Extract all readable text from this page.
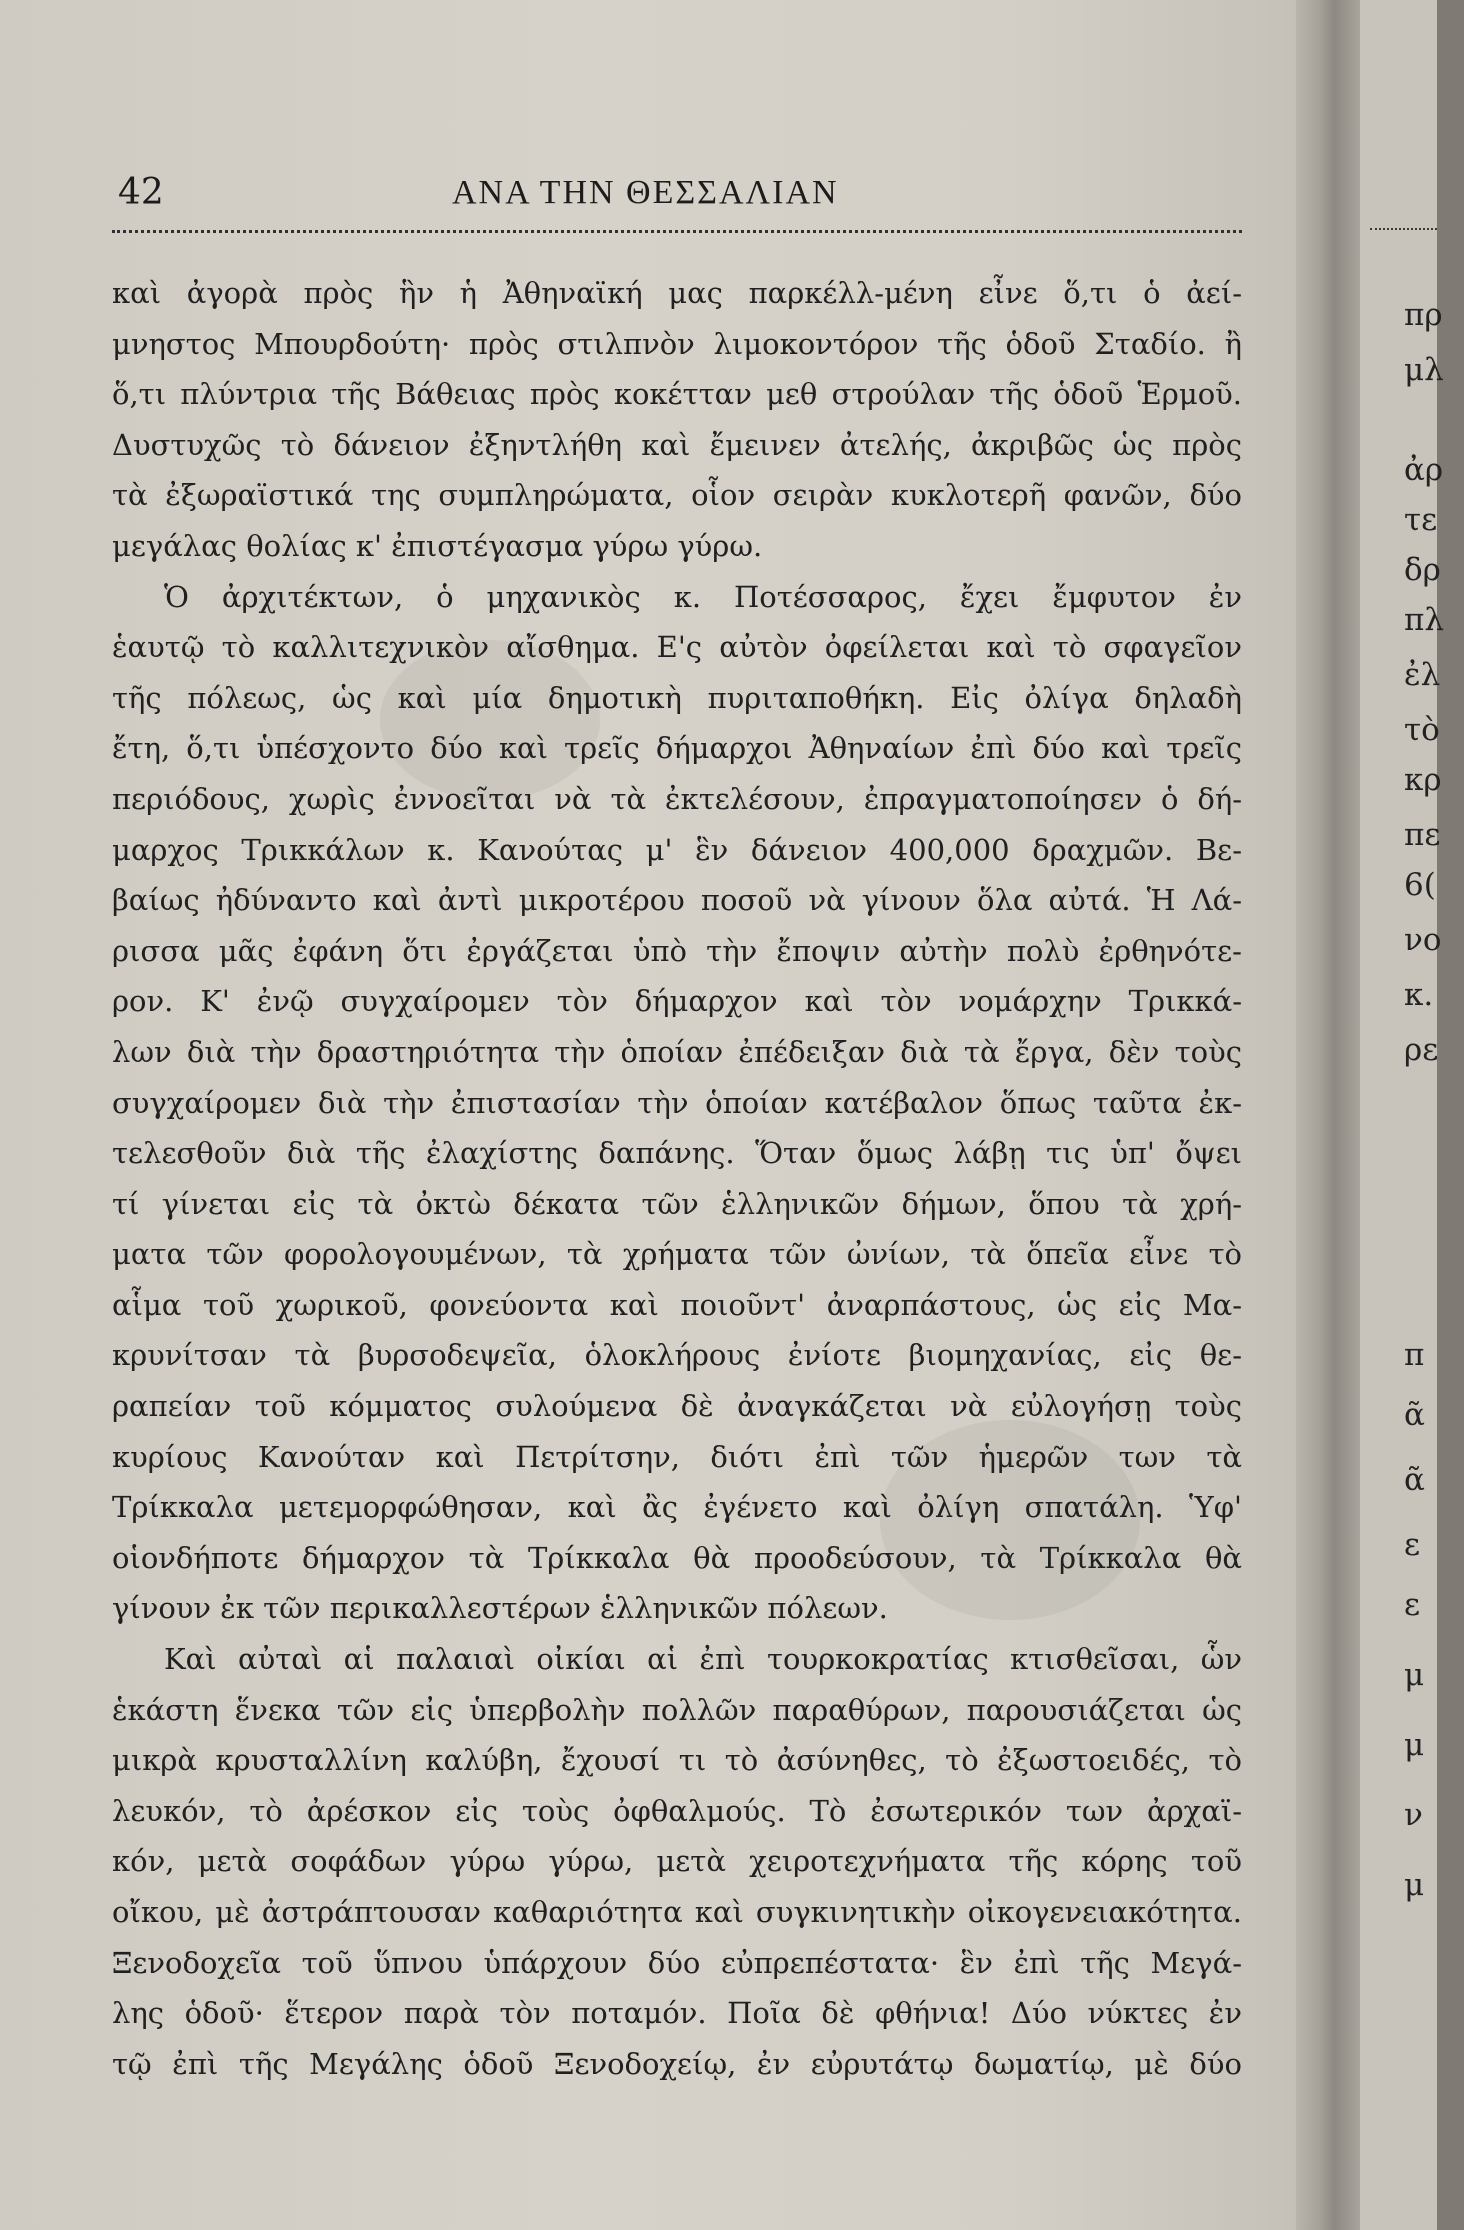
πρ
μλ
ἀρ
τε
δρ
πλ
ἐλ
τὸ
κρ
πε
6(
νο
κ.
ρε
π
ᾶ
ᾶ
ε
ε
μ
μ
ν
μ
42	ΑΝΑ ΤΗΝ ΘΕΣΣΑΛΙΑΝ
καὶ ἀγορὰ πρὸς ἣν ἡ Ἀθηναϊκή μας παρκέλλ-μένη εἶνε ὅ,τι ὁ ἀεί-
μνηστος Μπουρδούτη· πρὸς στιλπνὸν λιμοκοντόρον τῆς ὁδοῦ Σταδίο. ἢ
ὅ,τι πλύντρια τῆς Βάθειας πρὸς κοκέτταν μεθ στρούλαν τῆς ὁδοῦ Ἑρμοῦ.
Δυστυχῶς τὸ δάνειον ἐξηντλήθη καὶ ἔμεινεν ἀτελής, ἀκριβῶς ὡς πρὸς
τὰ ἐξωραϊστικά της συμπληρώματα, οἷον σειρὰν κυκλοτερῆ φανῶν, δύο
μεγάλας θολίας κ' ἐπιστέγασμα γύρω γύρω.
Ὁ ἀρχιτέκτων, ὁ μηχανικὸς κ. Ποτέσσαρος, ἔχει ἔμφυτον ἐν
ἑαυτῷ τὸ καλλιτεχνικὸν αἴσθημα. Ε'ς αὐτὸν ὀφείλεται καὶ τὸ σφαγεῖον
τῆς πόλεως, ὡς καὶ μία δημοτικὴ πυριταποθήκη. Εἰς ὀλίγα δηλαδὴ
ἔτη, ὅ,τι ὑπέσχοντο δύο καὶ τρεῖς δήμαρχοι Ἀθηναίων ἐπὶ δύο καὶ τρεῖς
περιόδους, χωρὶς ἐννοεῖται νὰ τὰ ἐκτελέσουν, ἐπραγματοποίησεν ὁ δή-
μαρχος Τρικκάλων κ. Κανούτας μ' ἓν δάνειον 400,000 δραχμῶν. Βε-
βαίως ἠδύναντο καὶ ἀντὶ μικροτέρου ποσοῦ νὰ γίνουν ὅλα αὐτά. Ἡ Λά-
ρισσα μᾶς ἐφάνη ὅτι ἐργάζεται ὑπὸ τὴν ἔποψιν αὐτὴν πολὺ ἐρθηνότε-
ρον. Κ' ἐνῷ συγχαίρομεν τὸν δήμαρχον καὶ τὸν νομάρχην Τρικκά-
λων διὰ τὴν δραστηριότητα τὴν ὁποίαν ἐπέδειξαν διὰ τὰ ἔργα, δὲν τοὺς
συγχαίρομεν διὰ τὴν ἐπιστασίαν τὴν ὁποίαν κατέβαλον ὅπως ταῦτα ἐκ-
τελεσθοῦν διὰ τῆς ἐλαχίστης δαπάνης. Ὅταν ὅμως λάβῃ τις ὑπ' ὄψει
τί γίνεται εἰς τὰ ὀκτὼ δέκατα τῶν ἑλληνικῶν δήμων, ὅπου τὰ χρή-
ματα τῶν φορολογουμένων, τὰ χρήματα τῶν ὠνίων, τὰ ὅπεῖα εἶνε τὸ
αἷμα τοῦ χωρικοῦ, φονεύοντα καὶ ποιοῦντ' ἀναρπάστους, ὡς εἰς Μα-
κρυνίτσαν τὰ βυρσοδεψεῖα, ὁλοκλήρους ἐνίοτε βιομηχανίας, εἰς θε-
ραπείαν τοῦ κόμματος συλούμενα δὲ ἀναγκάζεται νὰ εὐλογήσῃ τοὺς
κυρίους Κανούταν καὶ Πετρίτσην, διότι ἐπὶ τῶν ἡμερῶν των τὰ
Τρίκκαλα μετεμορφώθησαν, καὶ ἂς ἐγένετο καὶ ὀλίγη σπατάλη. Ὑφ'
οἱονδήποτε δήμαρχον τὰ Τρίκκαλα θὰ προοδεύσουν, τὰ Τρίκκαλα θὰ
γίνουν ἐκ τῶν περικαλλεστέρων ἑλληνικῶν πόλεων.
Καὶ αὐταὶ αἱ παλαιαὶ οἰκίαι αἱ ἐπὶ τουρκοκρατίας κτισθεῖσαι, ὧν
ἑκάστη ἕνεκα τῶν εἰς ὑπερβολὴν πολλῶν παραθύρων, παρουσιάζεται ὡς
μικρὰ κρυσταλλίνη καλύβη, ἔχουσί τι τὸ ἀσύνηθες, τὸ ἐξωστοειδές, τὸ
λευκόν, τὸ ἀρέσκον εἰς τοὺς ὀφθαλμούς. Τὸ ἐσωτερικόν των ἀρχαϊ-
κόν, μετὰ σοφάδων γύρω γύρω, μετὰ χειροτεχνήματα τῆς κόρης τοῦ
οἴκου, μὲ ἀστράπτουσαν καθαριότητα καὶ συγκινητικὴν οἰκογενειακότητα.
Ξενοδοχεῖα τοῦ ὕπνου ὑπάρχουν δύο εὐπρεπέστατα· ἓν ἐπὶ τῆς Μεγά-
λης ὁδοῦ· ἕτερον παρὰ τὸν ποταμόν. Ποῖα δὲ φθήνια! Δύο νύκτες ἐν
τῷ ἐπὶ τῆς Μεγάλης ὁδοῦ Ξενοδοχείῳ, ἐν εὐρυτάτῳ δωματίῳ, μὲ δύο
